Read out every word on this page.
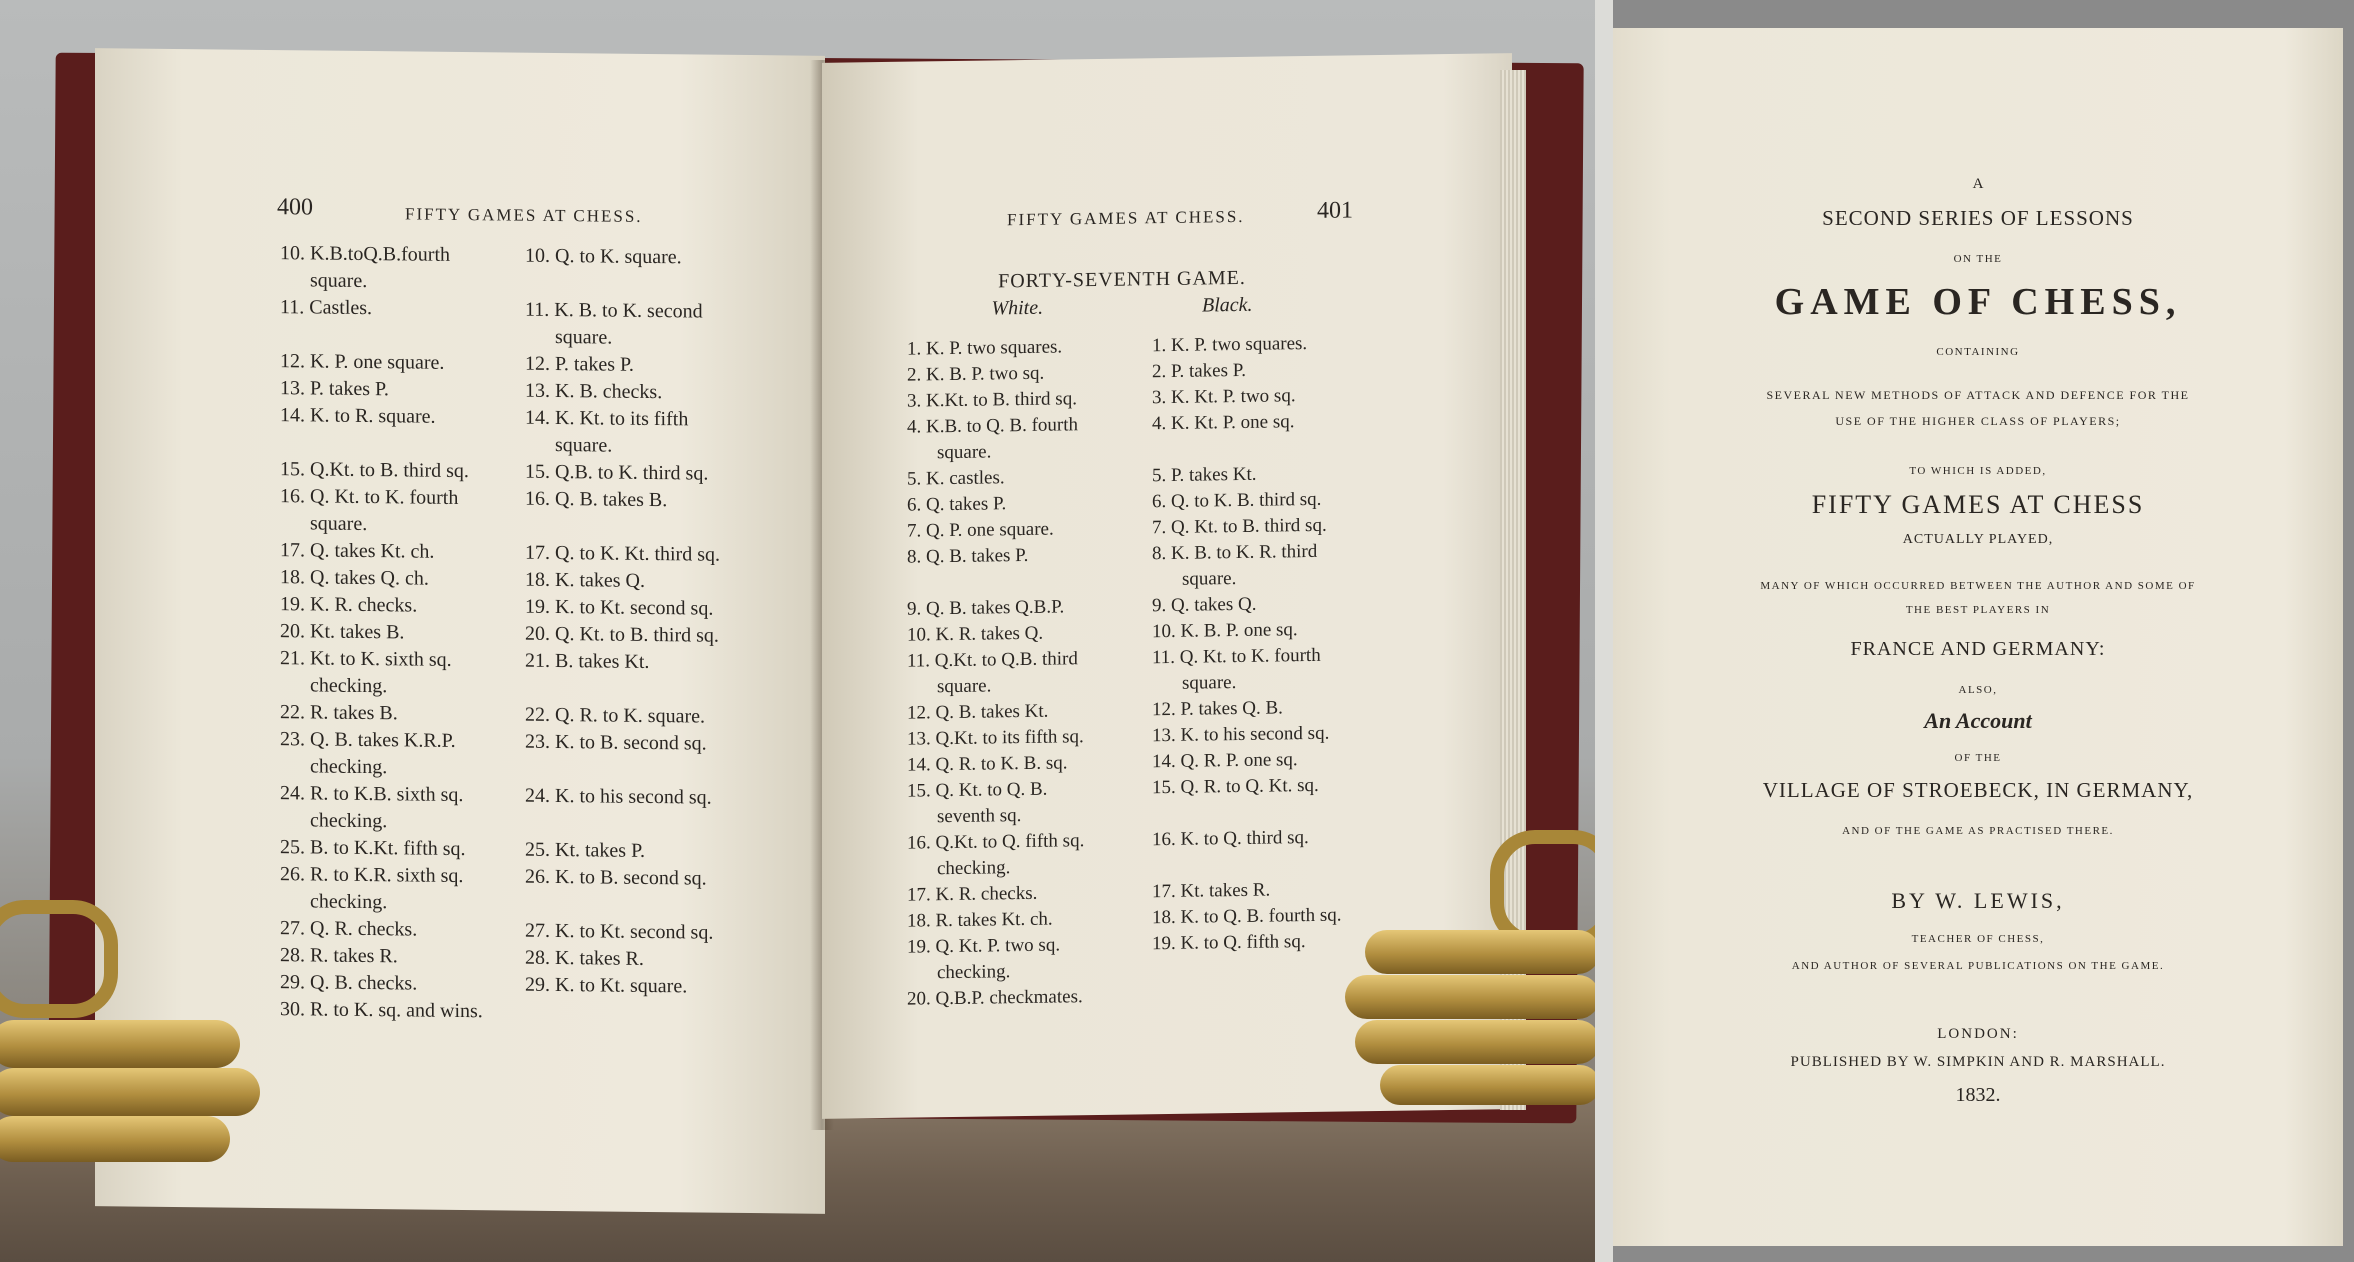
400	FIFTY GAMES AT CHESS.
10. K.B.toQ.B.fourth	10. Q. to K. square.
square.
11. Castles.	11. K. B. to K. second
square.
12. K. P. one square.	12. P. takes P.
13. P. takes P.	13. K. B. checks.
14. K. to R. square.	14. K. Kt. to its fifth
square.
15. Q.Kt. to B. third sq.	15. Q.B. to K. third sq.
16. Q. Kt. to K. fourth	16. Q. B. takes B.
square.
17. Q. takes Kt. ch.	17. Q. to K. Kt. third sq.
18. Q. takes Q. ch.	18. K. takes Q.
19. K. R. checks.	19. K. to Kt. second sq.
20. Kt. takes B.	20. Q. Kt. to B. third sq.
21. Kt. to K. sixth sq.	21. B. takes Kt.
checking.
22. R. takes B.	22. Q. R. to K. square.
23. Q. B. takes K.R.P.	23. K. to B. second sq.
checking.
24. R. to K.B. sixth sq.	24. K. to his second sq.
checking.
25. B. to K.Kt. fifth sq.	25. Kt. takes P.
26. R. to K.R. sixth sq.	26. K. to B. second sq.
checking.
27. Q. R. checks.	27. K. to Kt. second sq.
28. R. takes R.	28. K. takes R.
29. Q. B. checks.	29. K. to Kt. square.
30. R. to K. sq. and wins.
FIFTY GAMES AT CHESS.	401
FORTY-SEVENTH GAME.
White.	Black.
1. K. P. two squares.	1. K. P. two squares.
2. K. B. P. two sq.	2. P. takes P.
3. K.Kt. to B. third sq.	3. K. Kt. P. two sq.
4. K.B. to Q. B. fourth	4. K. Kt. P. one sq.
square.
5. K. castles.	5. P. takes Kt.
6. Q. takes P.	6. Q. to K. B. third sq.
7. Q. P. one square.	7. Q. Kt. to B. third sq.
8. Q. B. takes P.	8. K. B. to K. R. third
square.
9. Q. B. takes Q.B.P.	9. Q. takes Q.
10. K. R. takes Q.	10. K. B. P. one sq.
11. Q.Kt. to Q.B. third	11. Q. Kt. to K. fourth
square.	square.
12. Q. B. takes Kt.	12. P. takes Q. B.
13. Q.Kt. to its fifth sq.	13. K. to his second sq.
14. Q. R. to K. B. sq.	14. Q. R. P. one sq.
15. Q. Kt. to Q. B.	15. Q. R. to Q. Kt. sq.
seventh sq.
16. Q.Kt. to Q. fifth sq.	16. K. to Q. third sq.
checking.
17. K. R. checks.	17. Kt. takes R.
18. R. takes Kt. ch.	18. K. to Q. B. fourth sq.
19. Q. Kt. P. two sq.	19. K. to Q. fifth sq.
checking.
20. Q.B.P. checkmates.
A
SECOND SERIES OF LESSONS
ON THE
GAME OF CHESS,
CONTAINING
SEVERAL NEW METHODS OF ATTACK AND DEFENCE FOR THE
USE OF THE HIGHER CLASS OF PLAYERS;
TO WHICH IS ADDED,
FIFTY GAMES AT CHESS
ACTUALLY PLAYED,
MANY OF WHICH OCCURRED BETWEEN THE AUTHOR AND SOME OF
THE BEST PLAYERS IN
FRANCE AND GERMANY:
ALSO,
An Account
OF THE
VILLAGE OF STROEBECK, IN GERMANY,
AND OF THE GAME AS PRACTISED THERE.
BY W. LEWIS,
TEACHER OF CHESS,
AND AUTHOR OF SEVERAL PUBLICATIONS ON THE GAME.
LONDON:
PUBLISHED BY W. SIMPKIN AND R. MARSHALL.
1832.
